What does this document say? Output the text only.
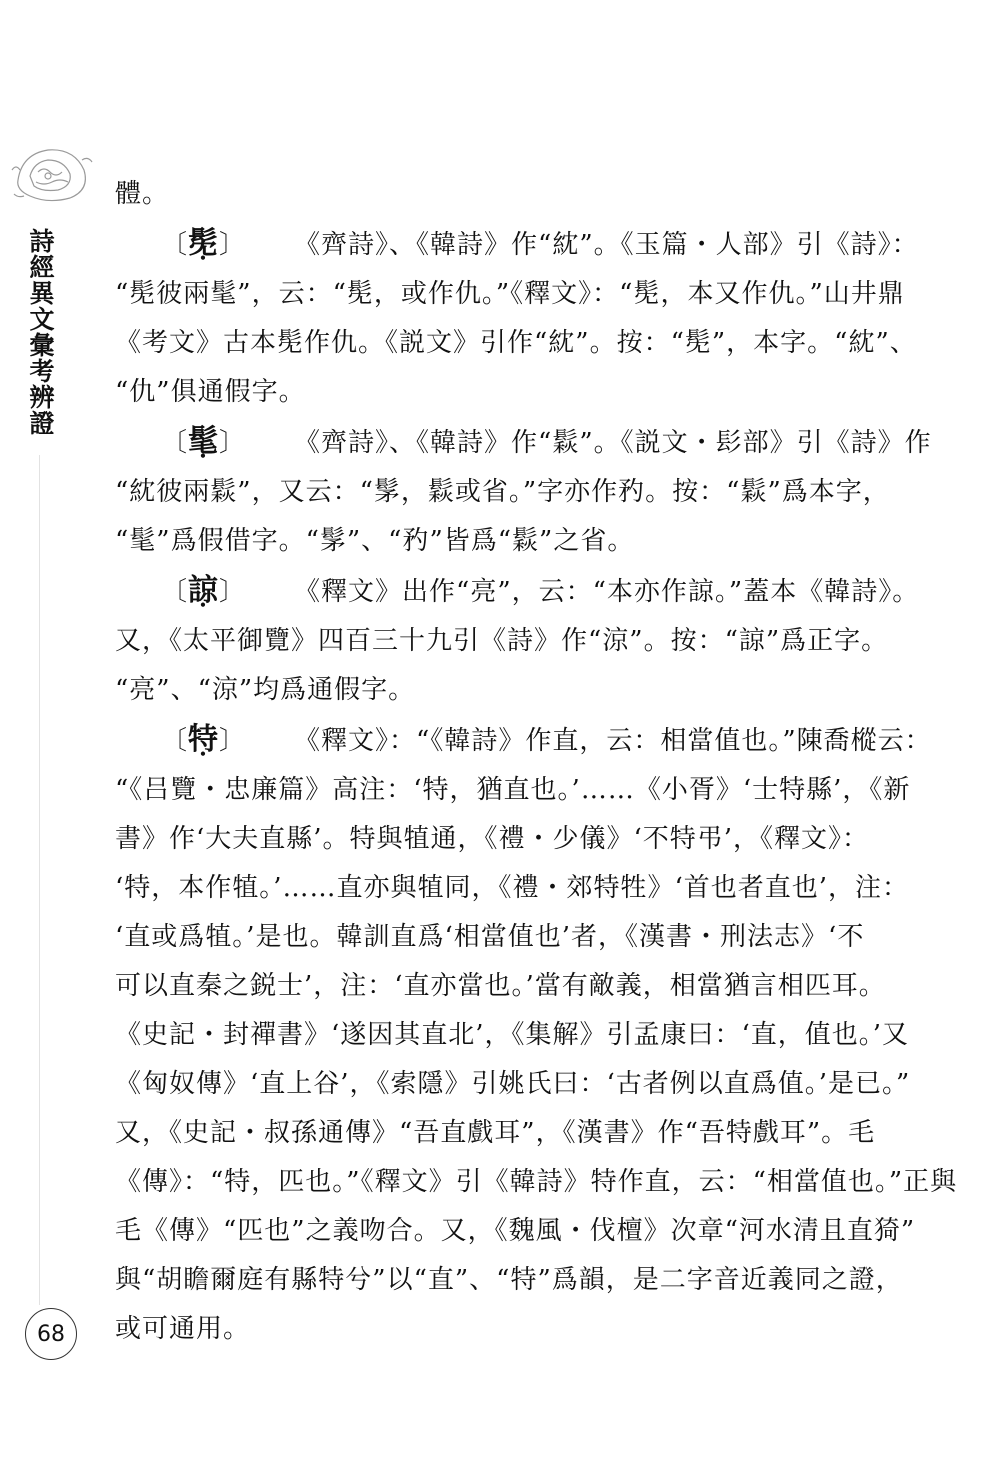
詩經異文彙考辨證
68
體。
〔髧〕 《齊詩》、《韓詩》作“紞”。《玉篇・人部》引《詩》：
“髧彼兩髦”，云：“髧，或作仇。”《釋文》：“髧，本又作仇。”山井鼎
《考文》古本髧作仇。《説文》引作“紞”。按：“髧”，本字。“紞”、
“仇”俱通假字。
〔髦〕 《齊詩》、《韓詩》作“鬏”。《説文・髟部》引《詩》作
“紞彼兩鬏”，又云：“髳，鬏或省。”字亦作䂆。按：“鬏”爲本字，
“髦”爲假借字。“髳”、“䂆”皆爲“鬏”之省。
〔諒〕 《釋文》出作“亮”，云：“本亦作諒。”蓋本《韓詩》。
又，《太平御覽》四百三十九引《詩》作“涼”。按：“諒”爲正字。
“亮”、“涼”均爲通假字。
〔特〕 《釋文》：“《韓詩》作直，云：相當值也。”陳喬樅云：
“《吕覽・忠廉篇》高注：‘特，猶直也。’……《小胥》‘士特縣’，《新
書》作‘大夫直縣’。特與犆通，《禮・少儀》‘不特弔’，《釋文》：
‘特，本作犆。’……直亦與犆同，《禮・郊特牲》‘首也者直也’，注：
‘直或爲犆。’是也。韓訓直爲‘相當值也’者，《漢書・刑法志》‘不
可以直秦之鋭士’，注：‘直亦當也。’當有敵義，相當猶言相匹耳。
《史記・封禪書》‘遂因其直北’，《集解》引孟康曰：‘直，值也。’又
《匈奴傳》‘直上谷’，《索隱》引姚氏曰：‘古者例以直爲值。’是已。”
又，《史記・叔孫通傳》“吾直戲耳”，《漢書》作“吾特戲耳”。毛
《傳》：“特，匹也。”《釋文》引《韓詩》特作直，云：“相當值也。”正與
毛《傳》“匹也”之義吻合。又，《魏風・伐檀》次章“河水清且直猗”
與“胡瞻爾庭有縣特兮”以“直”、“特”爲韻，是二字音近義同之證，
或可通用。
